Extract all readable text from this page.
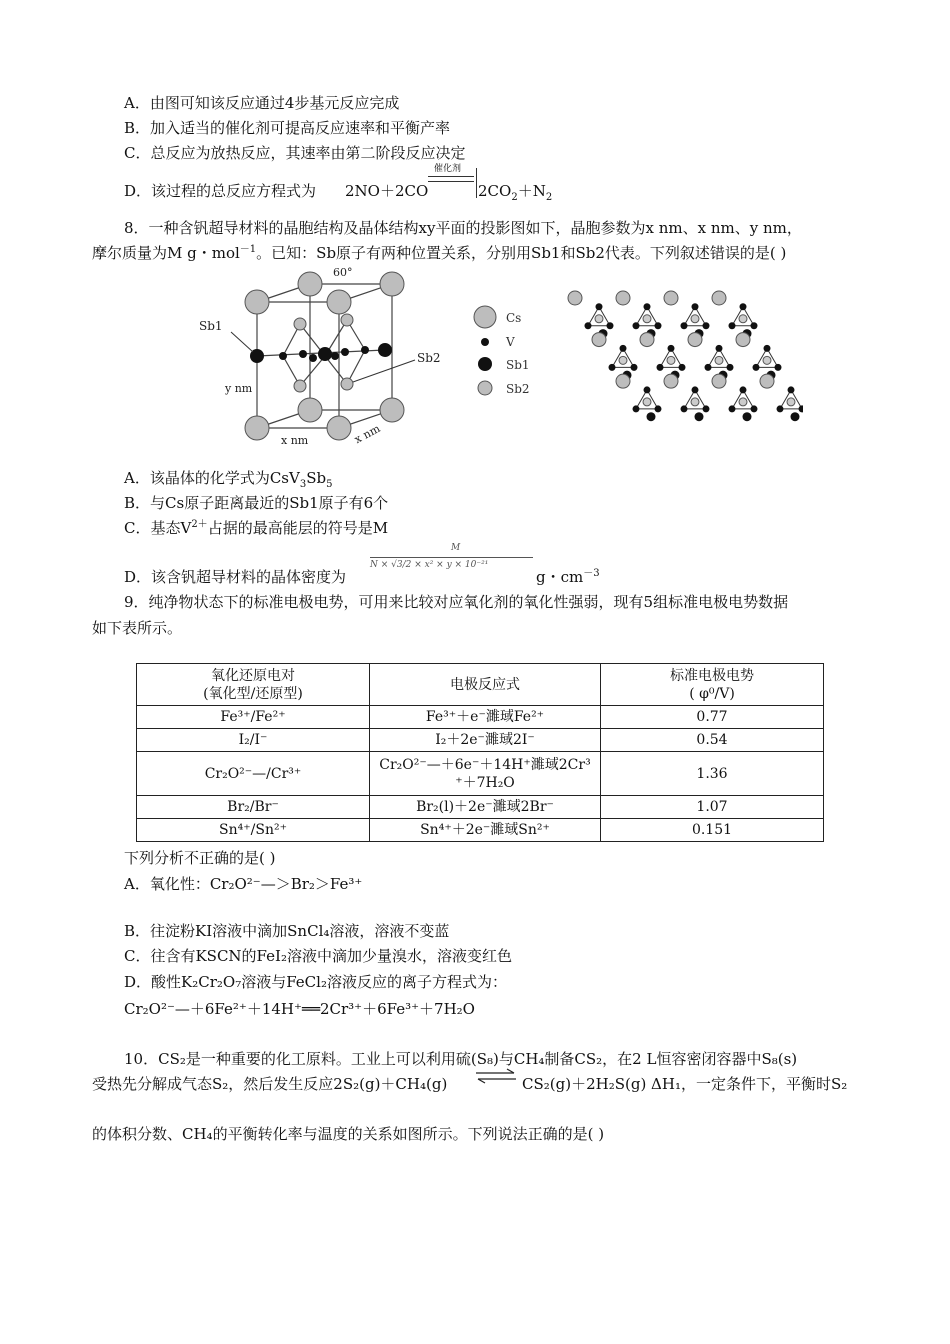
A．由图可知该反应通过4步基元反应完成
B．加入适当的催化剂可提高反应速率和平衡产率
C．总反应为放热反应，其速率由第二阶段反应决定
D．该过程的总反应方程式为 2NO＋2CO
催化剂
$2CO_2+N_2$
8．一种含钒超导材料的晶胞结构及晶体结构xy平面的投影图如下，晶胞参数为x nm、x nm、y nm，
摩尔质量为M g・mol$^{-1}$。已知：Sb原子有两种位置关系，分别用Sb1和Sb2代表。下列叙述错误的是( )
60°
Sb1
Sb2
y nm
x nm	x nm
Cs
V
Sb1
Sb2
A．该晶体的化学式为$CsV_3Sb_5$
B．与Cs原子距离最近的Sb1原子有6个
C．基态$V^{2+}$占据的最高能层的符号是M
D．该含钒超导材料的晶体密度为
M
N × √3/2 × x² × y × 10⁻²¹
g・$cm^{-3}$
9．纯净物状态下的标准电极电势，可用来比较对应氧化剂的氧化性强弱，现有5组标准电极电势数据
如下表所示。
氧化还原电对
(氧化型/还原型)	电极反应式	标准电极电势
( φ⁰/V)
Fe³⁺/Fe²⁺	Fe³⁺＋e⁻濉琙Fe²⁺	0.77
I₂/I⁻	I₂＋2e⁻濉琙2I⁻	0.54
Cr₂O²⁻—/Cr³⁺	Cr₂O²⁻—＋6e⁻＋14H⁺濉琙2Cr³
⁺＋7H₂O	1.36
Br₂/Br⁻	Br₂(l)＋2e⁻濉琙2Br⁻	1.07
Sn⁴⁺/Sn²⁺	Sn⁴⁺＋2e⁻濉琙Sn²⁺	0.151
下列分析不正确的是( )
A．氧化性：Cr₂O²⁻—＞Br₂＞Fe³⁺
B．往淀粉KI溶液中滴加SnCl₄溶液，溶液不变蓝
C．往含有KSCN的FeI₂溶液中滴加少量溴水，溶液变红色
D．酸性K₂Cr₂O₇溶液与FeCl₂溶液反应的离子方程式为：
Cr₂O²⁻—＋6Fe²⁺＋14H⁺══2Cr³⁺＋6Fe³⁺＋7H₂O
10．CS₂是一种重要的化工原料。工业上可以利用硫(S₈)与CH₄制备CS₂，在2 L恒容密闭容器中S₈(s)
受热先分解成气态S₂，然后发生反应2S₂(g)＋CH₄(g) ⇌ CS₂(g)＋2H₂S(g) ΔH₁，一定条件下，平衡时S₂
的体积分数、CH₄的平衡转化率与温度的关系如图所示。下列说法正确的是( )
